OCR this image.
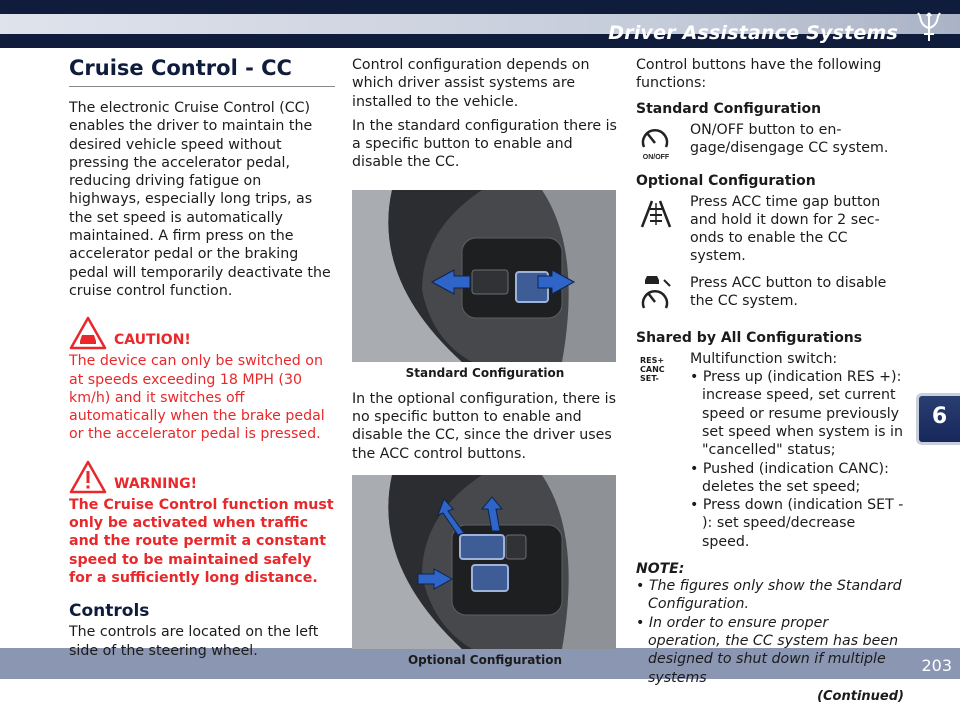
Driver Assistance Systems
6
203
Cruise Control - CC

The electronic Cruise Control (CC) enables the driver to maintain the desired vehicle speed without pressing the accelerator pedal, reducing driving fatigue on highways, especially long trips, as the set speed is automatically maintained. A firm press on the accelerator pedal or the braking pedal will temporarily deactivate the cruise control function.

CAUTION!
The device can only be switched on at speeds exceeding 18 MPH (30 km/h) and it switches off automatically when the brake pedal or the accelerator pedal is pressed.
WARNING!
The Cruise Control function must only be activated when traffic and the route permit a constant speed to be maintained safely for a sufficiently long distance.
Controls

The controls are located on the left side of the steering wheel.

Control configuration depends on which driver assist systems are installed to the vehicle.

In the standard configuration there is a specific button to enable and disable the CC.

Standard Configuration

In the optional configuration, there is no specific button to enable and disable the CC, since the driver uses the ACC control buttons.

Optional Configuration

Control buttons have the following functions:

Standard Configuration
ON/OFF
ON/OFF button to en-gage/disengage CC system.
Optional Configuration
Press ACC time gap button and hold it down for 2 sec-onds to enable the CC system.
Press ACC button to disable the CC system.
Shared by All Configurations
RES+
CANC
SET-
Multifunction switch:
• Press up (indication RES +): increase speed, set current speed or resume previously set speed when system is in "cancelled" status;
• Pushed (indication CANC): deletes the set speed;
• Press down (indication SET - ): set speed/decrease speed.
NOTE:
• The figures only show the Standard Configuration.
• In order to ensure proper operation, the CC system has been designed to shut down if multiple systems
(Continued)
